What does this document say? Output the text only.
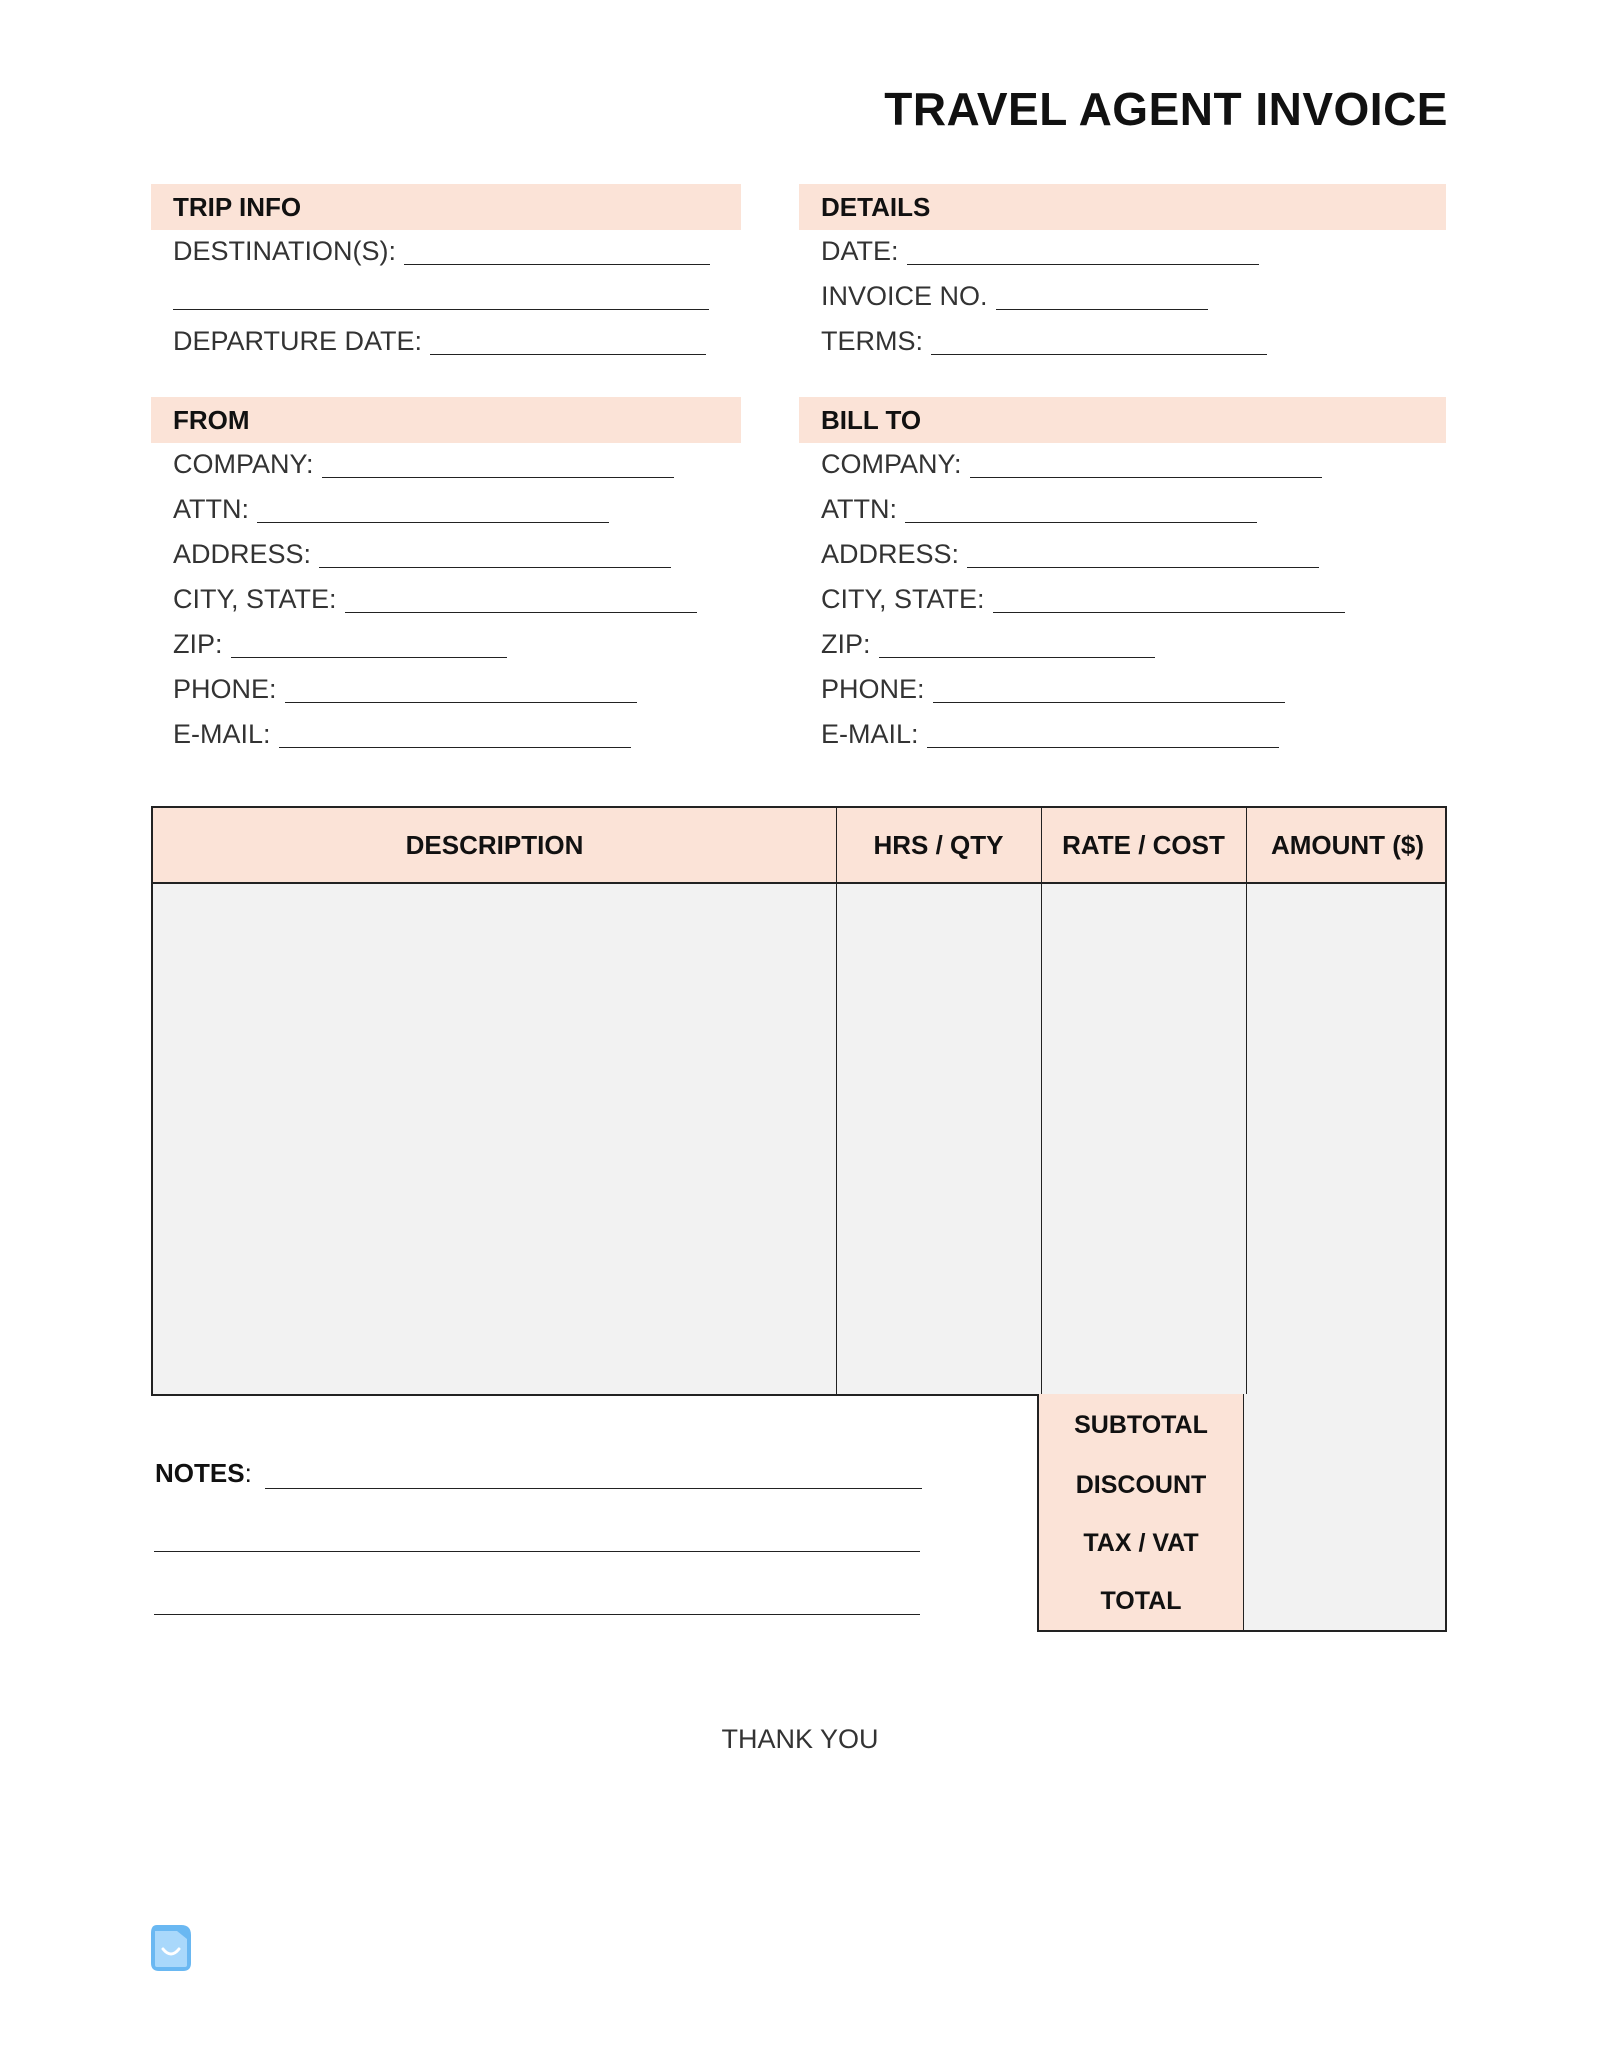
TRAVEL AGENT INVOICE
TRIP INFO
DESTINATION(S):
DEPARTURE DATE:
DETAILS
DATE:
INVOICE NO.
TERMS:
FROM
COMPANY:
ATTN:
ADDRESS:
CITY, STATE:
ZIP:
PHONE:
E-MAIL:
BILL TO
COMPANY:
ATTN:
ADDRESS:
CITY, STATE:
ZIP:
PHONE:
E-MAIL:
DESCRIPTION	HRS / QTY	RATE / COST	AMOUNT ($)
SUBTOTAL
DISCOUNT
TAX / VAT
TOTAL
NOTES:
THANK YOU
